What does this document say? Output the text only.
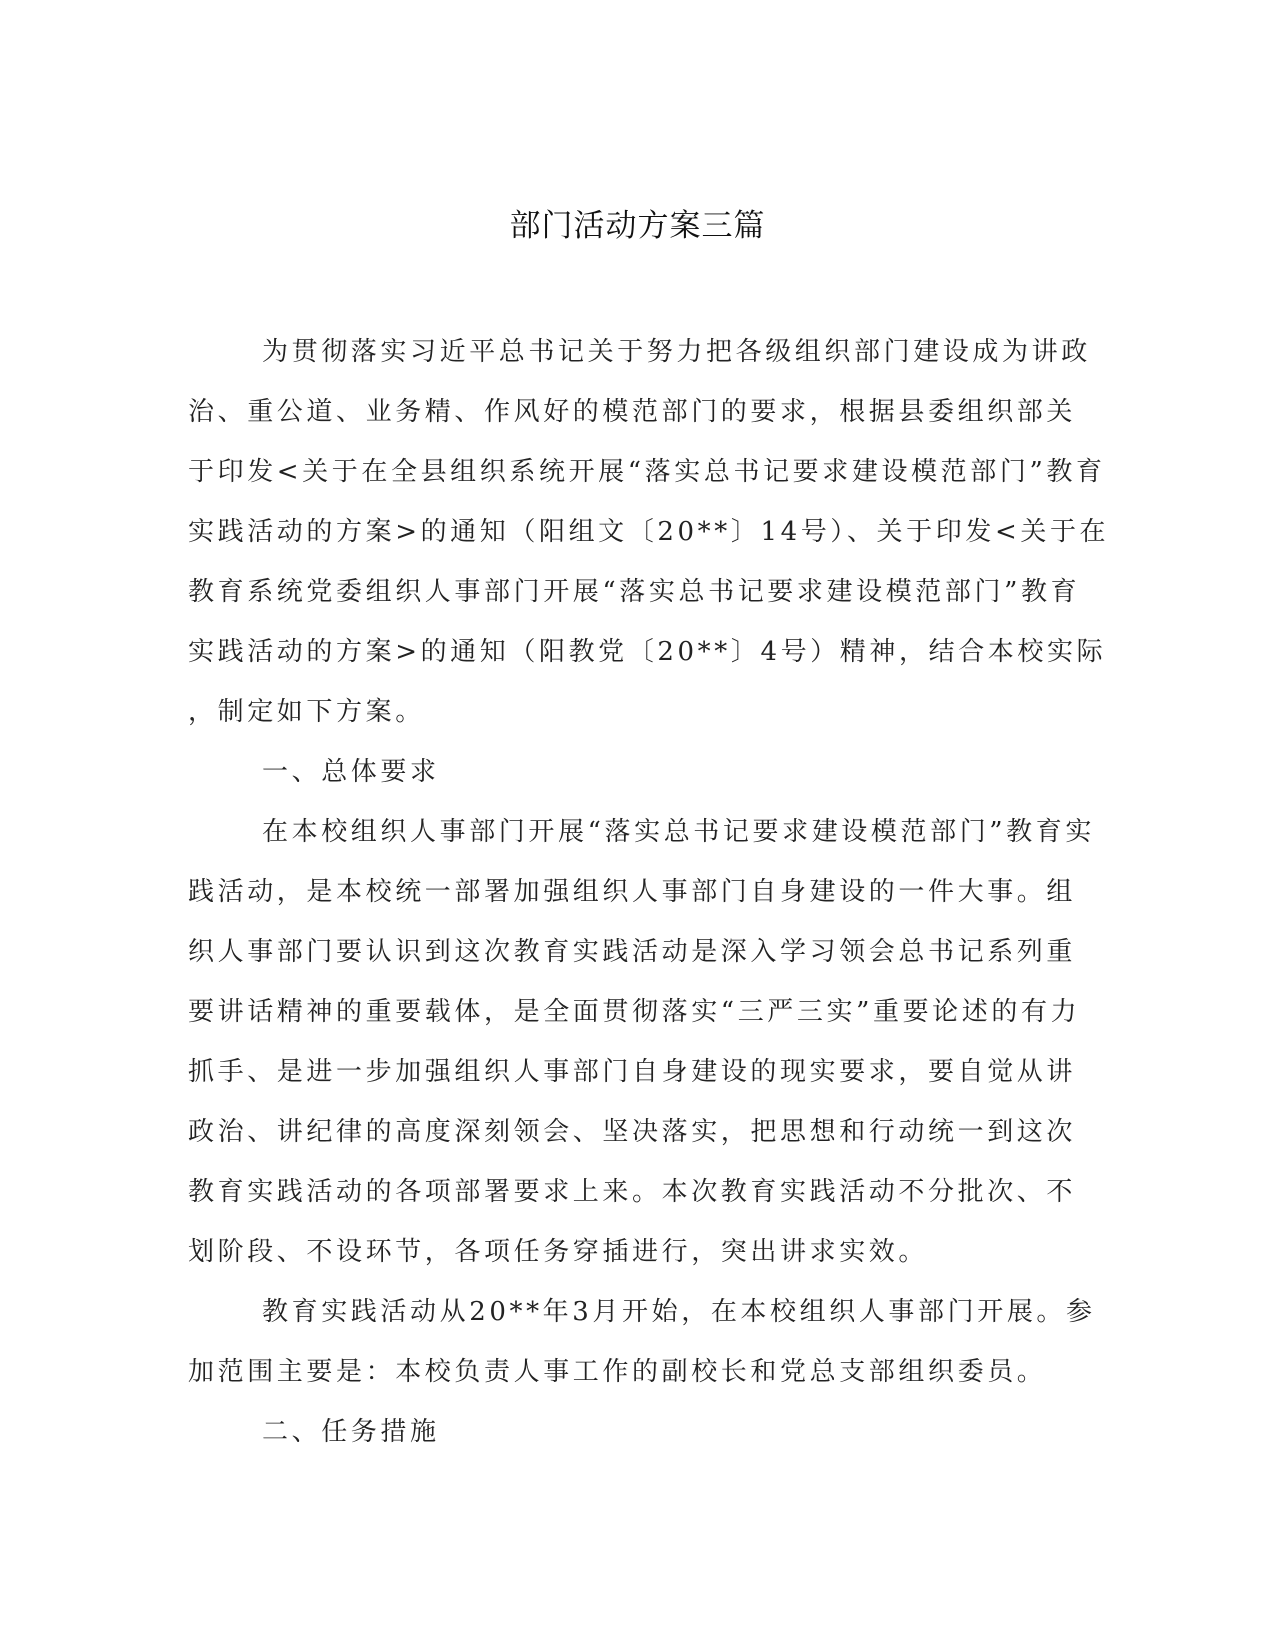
部门活动方案三篇
为贯彻落实习近平总书记关于努力把各级组织部门建设成为讲政
治、重公道、业务精、作风好的模范部门的要求，根据县委组织部关
于印发<关于在全县组织系统开展“落实总书记要求建设模范部门”教育
实践活动的方案>的通知（阳组文〔20**〕14号）、关于印发<关于在
教育系统党委组织人事部门开展“落实总书记要求建设模范部门”教育
实践活动的方案>的通知（阳教党〔20**〕4号）精神，结合本校实际
，制定如下方案。
一、总体要求
在本校组织人事部门开展“落实总书记要求建设模范部门”教育实
践活动，是本校统一部署加强组织人事部门自身建设的一件大事。组
织人事部门要认识到这次教育实践活动是深入学习领会总书记系列重
要讲话精神的重要载体，是全面贯彻落实“三严三实”重要论述的有力
抓手、是进一步加强组织人事部门自身建设的现实要求，要自觉从讲
政治、讲纪律的高度深刻领会、坚决落实，把思想和行动统一到这次
教育实践活动的各项部署要求上来。本次教育实践活动不分批次、不
划阶段、不设环节，各项任务穿插进行，突出讲求实效。
教育实践活动从20**年3月开始，在本校组织人事部门开展。参
加范围主要是：本校负责人事工作的副校长和党总支部组织委员。
二、任务措施
